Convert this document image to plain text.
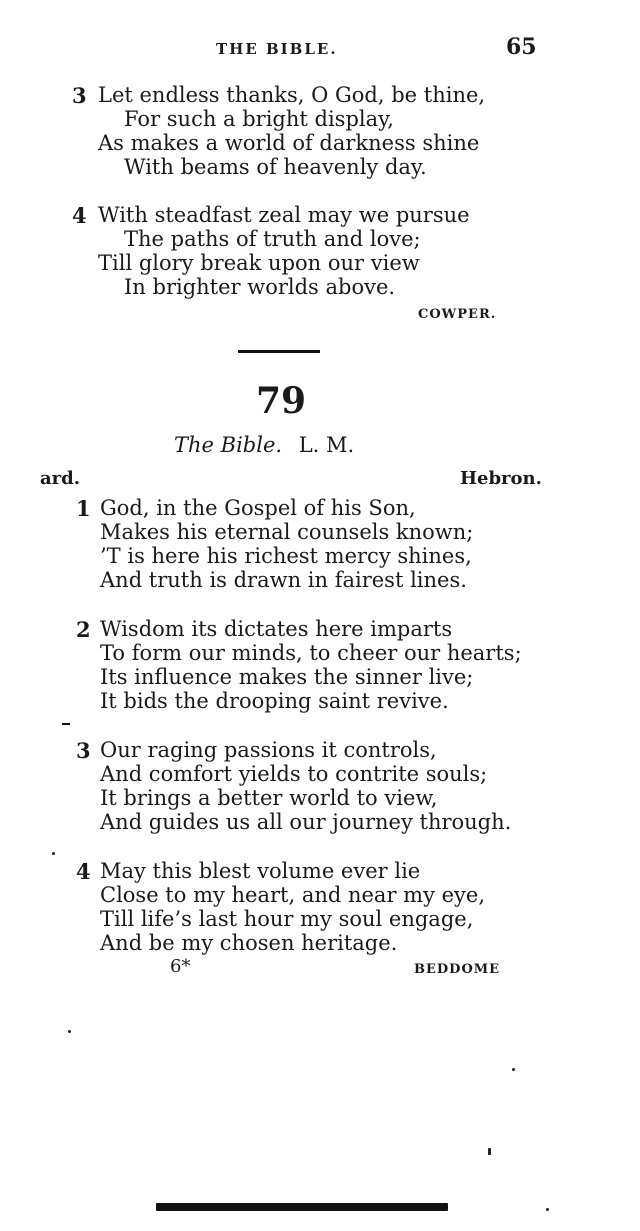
THE BIBLE.	65
3 Let endless thanks, O God, be thine,
For such a bright display,
As makes a world of darkness shine
With beams of heavenly day.
4 With steadfast zeal may we pursue
The paths of truth and love;
Till glory break upon our view
In brighter worlds above.
COWPER.
79
The Bible. L. M.
ard.	Hebron.
1 God, in the Gospel of his Son,
Makes his eternal counsels known;
’T is here his richest mercy shines,
And truth is drawn in fairest lines.
2 Wisdom its dictates here imparts
To form our minds, to cheer our hearts;
Its influence makes the sinner live;
It bids the drooping saint revive.
3 Our raging passions it controls,
And comfort yields to contrite souls;
It brings a better world to view,
And guides us all our journey through.
4 May this blest volume ever lie
Close to my heart, and near my eye,
Till life’s last hour my soul engage,
And be my chosen heritage.
6*	BEDDOME
